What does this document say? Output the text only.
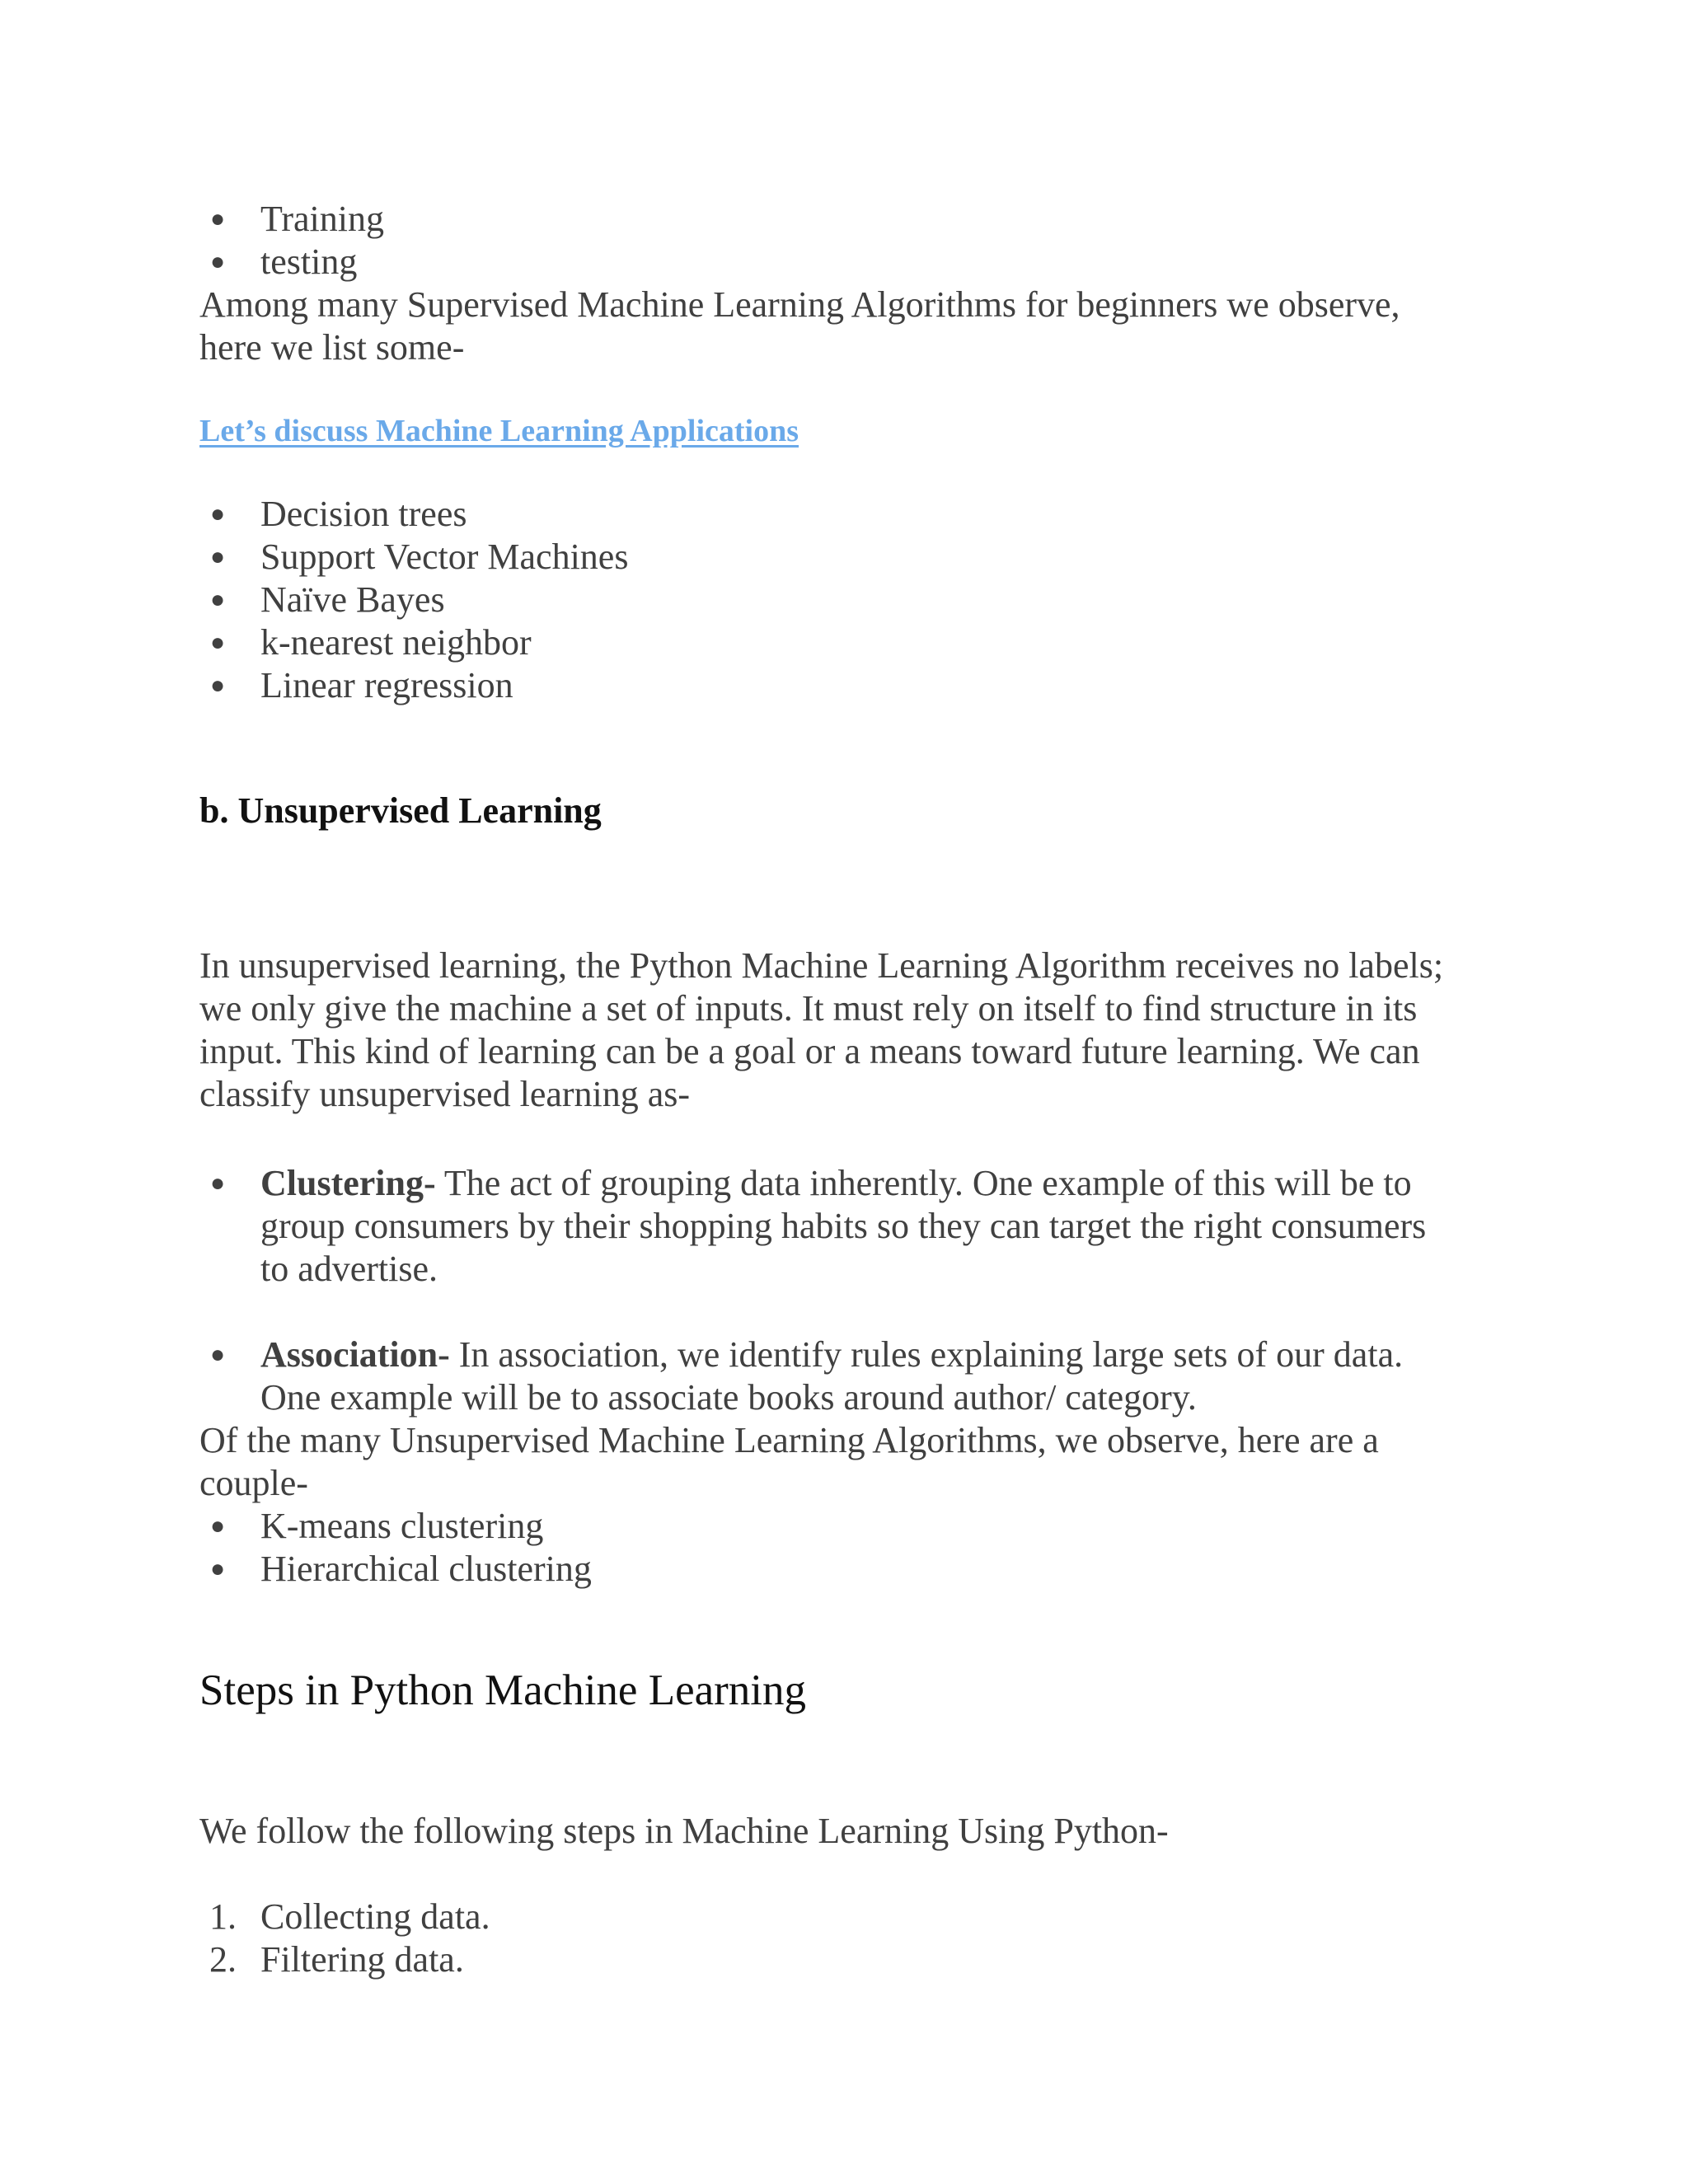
● Training
● testing
Among many Supervised Machine Learning Algorithms for beginners we observe,
here we list some-
Let’s discuss Machine Learning Applications
● Decision trees
● Support Vector Machines
● Naïve Bayes
● k-nearest neighbor
● Linear regression
b. Unsupervised Learning
In unsupervised learning, the Python Machine Learning Algorithm receives no labels;
we only give the machine a set of inputs. It must rely on itself to find structure in its
input. This kind of learning can be a goal or a means toward future learning. We can
classify unsupervised learning as-
● Clustering- The act of grouping data inherently. One example of this will be to
group consumers by their shopping habits so they can target the right consumers
to advertise.
● Association- In association, we identify rules explaining large sets of our data.
One example will be to associate books around author/ category.
Of the many Unsupervised Machine Learning Algorithms, we observe, here are a
couple-
● K-means clustering
● Hierarchical clustering
Steps in Python Machine Learning
We follow the following steps in Machine Learning Using Python-
1. Collecting data.
2. Filtering data.
